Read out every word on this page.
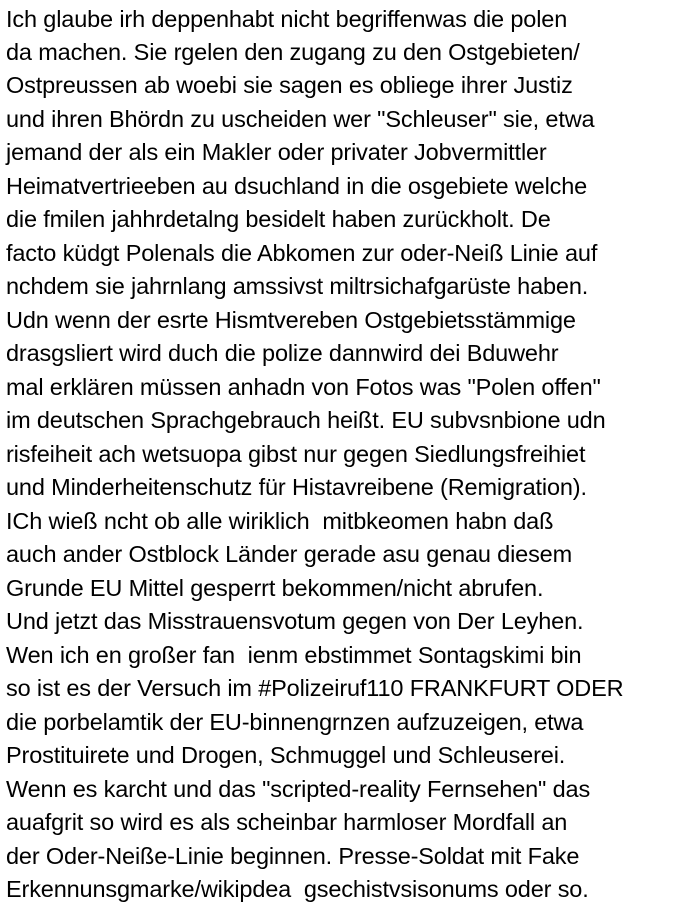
Ich glaube irh deppenhabt nicht begriffenwas die polen

da machen. Sie rgelen den zugang zu den Ostgebieten/

Ostpreussen ab woebi sie sagen es obliege ihrer Justiz

und ihren Bhördn zu uscheiden wer "Schleuser" sie, etwa

jemand der als ein Makler oder privater Jobvermittler

Heimatvertrieeben au dsuchland in die osgebiete welche

die fmilen jahhrdetalng besidelt haben zurückholt. De

facto küdgt Polenals die Abkomen zur oder-Neiß Linie auf

nchdem sie jahrnlang amssivst miltrsichafgarüste haben.

Udn wenn der esrte Hismtvereben Ostgebietsstämmige

drasgsliert wird duch die polize dannwird dei Bduwehr

mal erklären müssen anhadn von Fotos was "Polen offen"

im deutschen Sprachgebrauch heißt. EU subvsnbione udn

risfeiheit ach wetsuopa gibst nur gegen Siedlungsfreihiet

und Minderheitenschutz für Histavreibene (Remigration).

ICh wieß ncht ob alle wiriklich  mitbkeomen habn daß

auch ander Ostblock Länder gerade asu genau diesem

Grunde EU Mittel gesperrt bekommen/nicht abrufen.

Und jetzt das Misstrauensvotum gegen von Der Leyhen.

Wen ich en großer fan  ienm ebstimmet Sontagskimi bin

so ist es der Versuch im #Polizeiruf110 FRANKFURT ODER

die porbelamtik der EU-binnengrnzen aufzuzeigen, etwa

Prostituirete und Drogen, Schmuggel und Schleuserei.

Wenn es karcht und das "scripted-reality Fernsehen" das

auafgrit so wird es als scheinbar harmloser Mordfall an

der Oder-Neiße-Linie beginnen. Presse-Soldat mit Fake

Erkennunsgmarke/wikipdea  gsechistvsisonums oder so.
